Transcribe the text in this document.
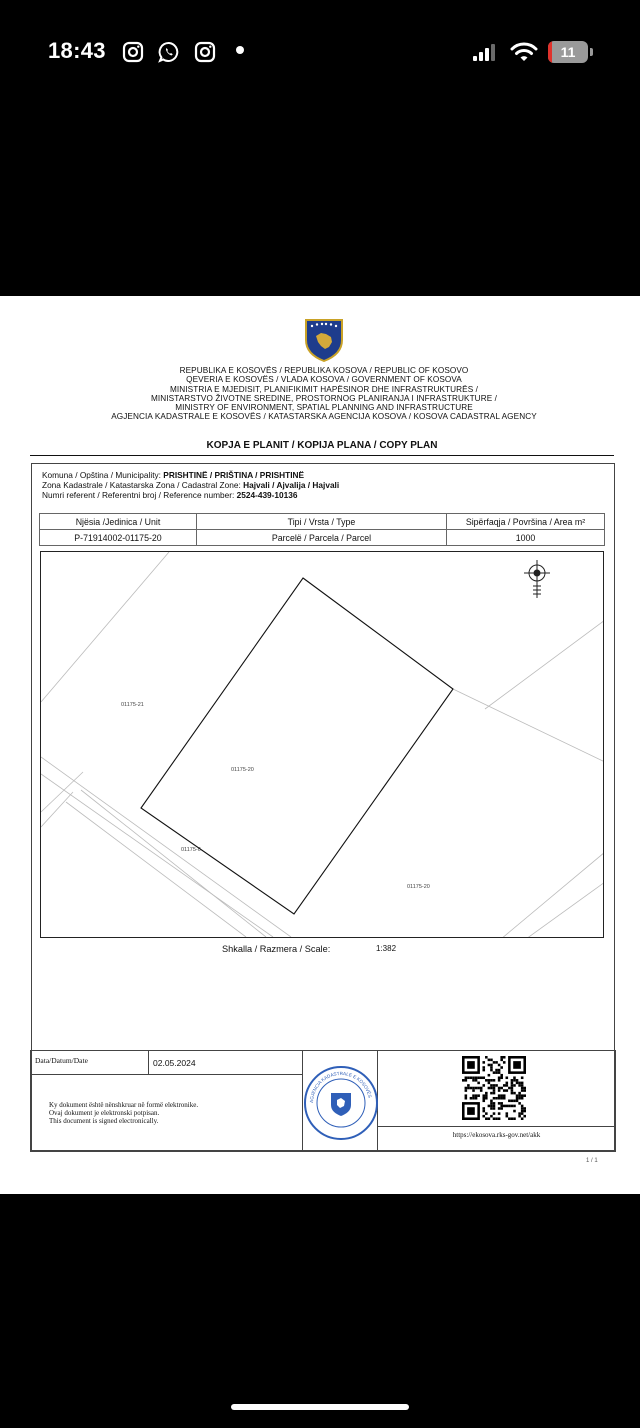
18:43	11
REPUBLIKA E KOSOVËS / REPUBLIKA KOSOVA / REPUBLIC OF KOSOVO
QEVERIA E KOSOVËS / VLADA KOSOVA / GOVERNMENT OF KOSOVA
MINISTRIA E MJEDISIT, PLANIFIKIMIT HAPËSINOR DHE INFRASTRUKTURËS /
MINISTARSTVO ŽIVOTNE SREDINE, PROSTORNOG PLANIRANJA I INFRASTRUKTURE /
MINISTRY OF ENVIRONMENT, SPATIAL PLANNING AND INFRASTRUCTURE
AGJENCIA KADASTRALE E KOSOVËS / KATASTARSKA AGENCIJA KOSOVA / KOSOVA CADASTRAL AGENCY
KOPJA E PLANIT / KOPIJA PLANA / COPY PLAN
Komuna / Opština / Municipality: PRISHTINË / PRIŠTINA / PRISHTINË
Zona Kadastrale / Katastarska Zona / Cadastral Zone: Hajvali / Ajvalija / Hajvali
Numri referent / Referentni broj / Reference number: 2524-439-10136
Njësia /Jedinica / Unit	Tipi / Vrsta / Type	Sipërfaqja / Površina / Area m²
P-71914002-01175-20	Parcelë / Parcela / Parcel	1000
01175-21
01175-20
01175-0
01175-20
Shkalla / Razmera / Scale:	1:382
Data/Datum/Date	02.05.2024
Ky dokument është nënshkruar në formë elektronike.
Ovaj dokument je elektronski potpisan.
This document is signed electronically.
AGJENCIA KADASTRALE E KOSOVËS
https://ekosova.rks-gov.net/akk
1 / 1
